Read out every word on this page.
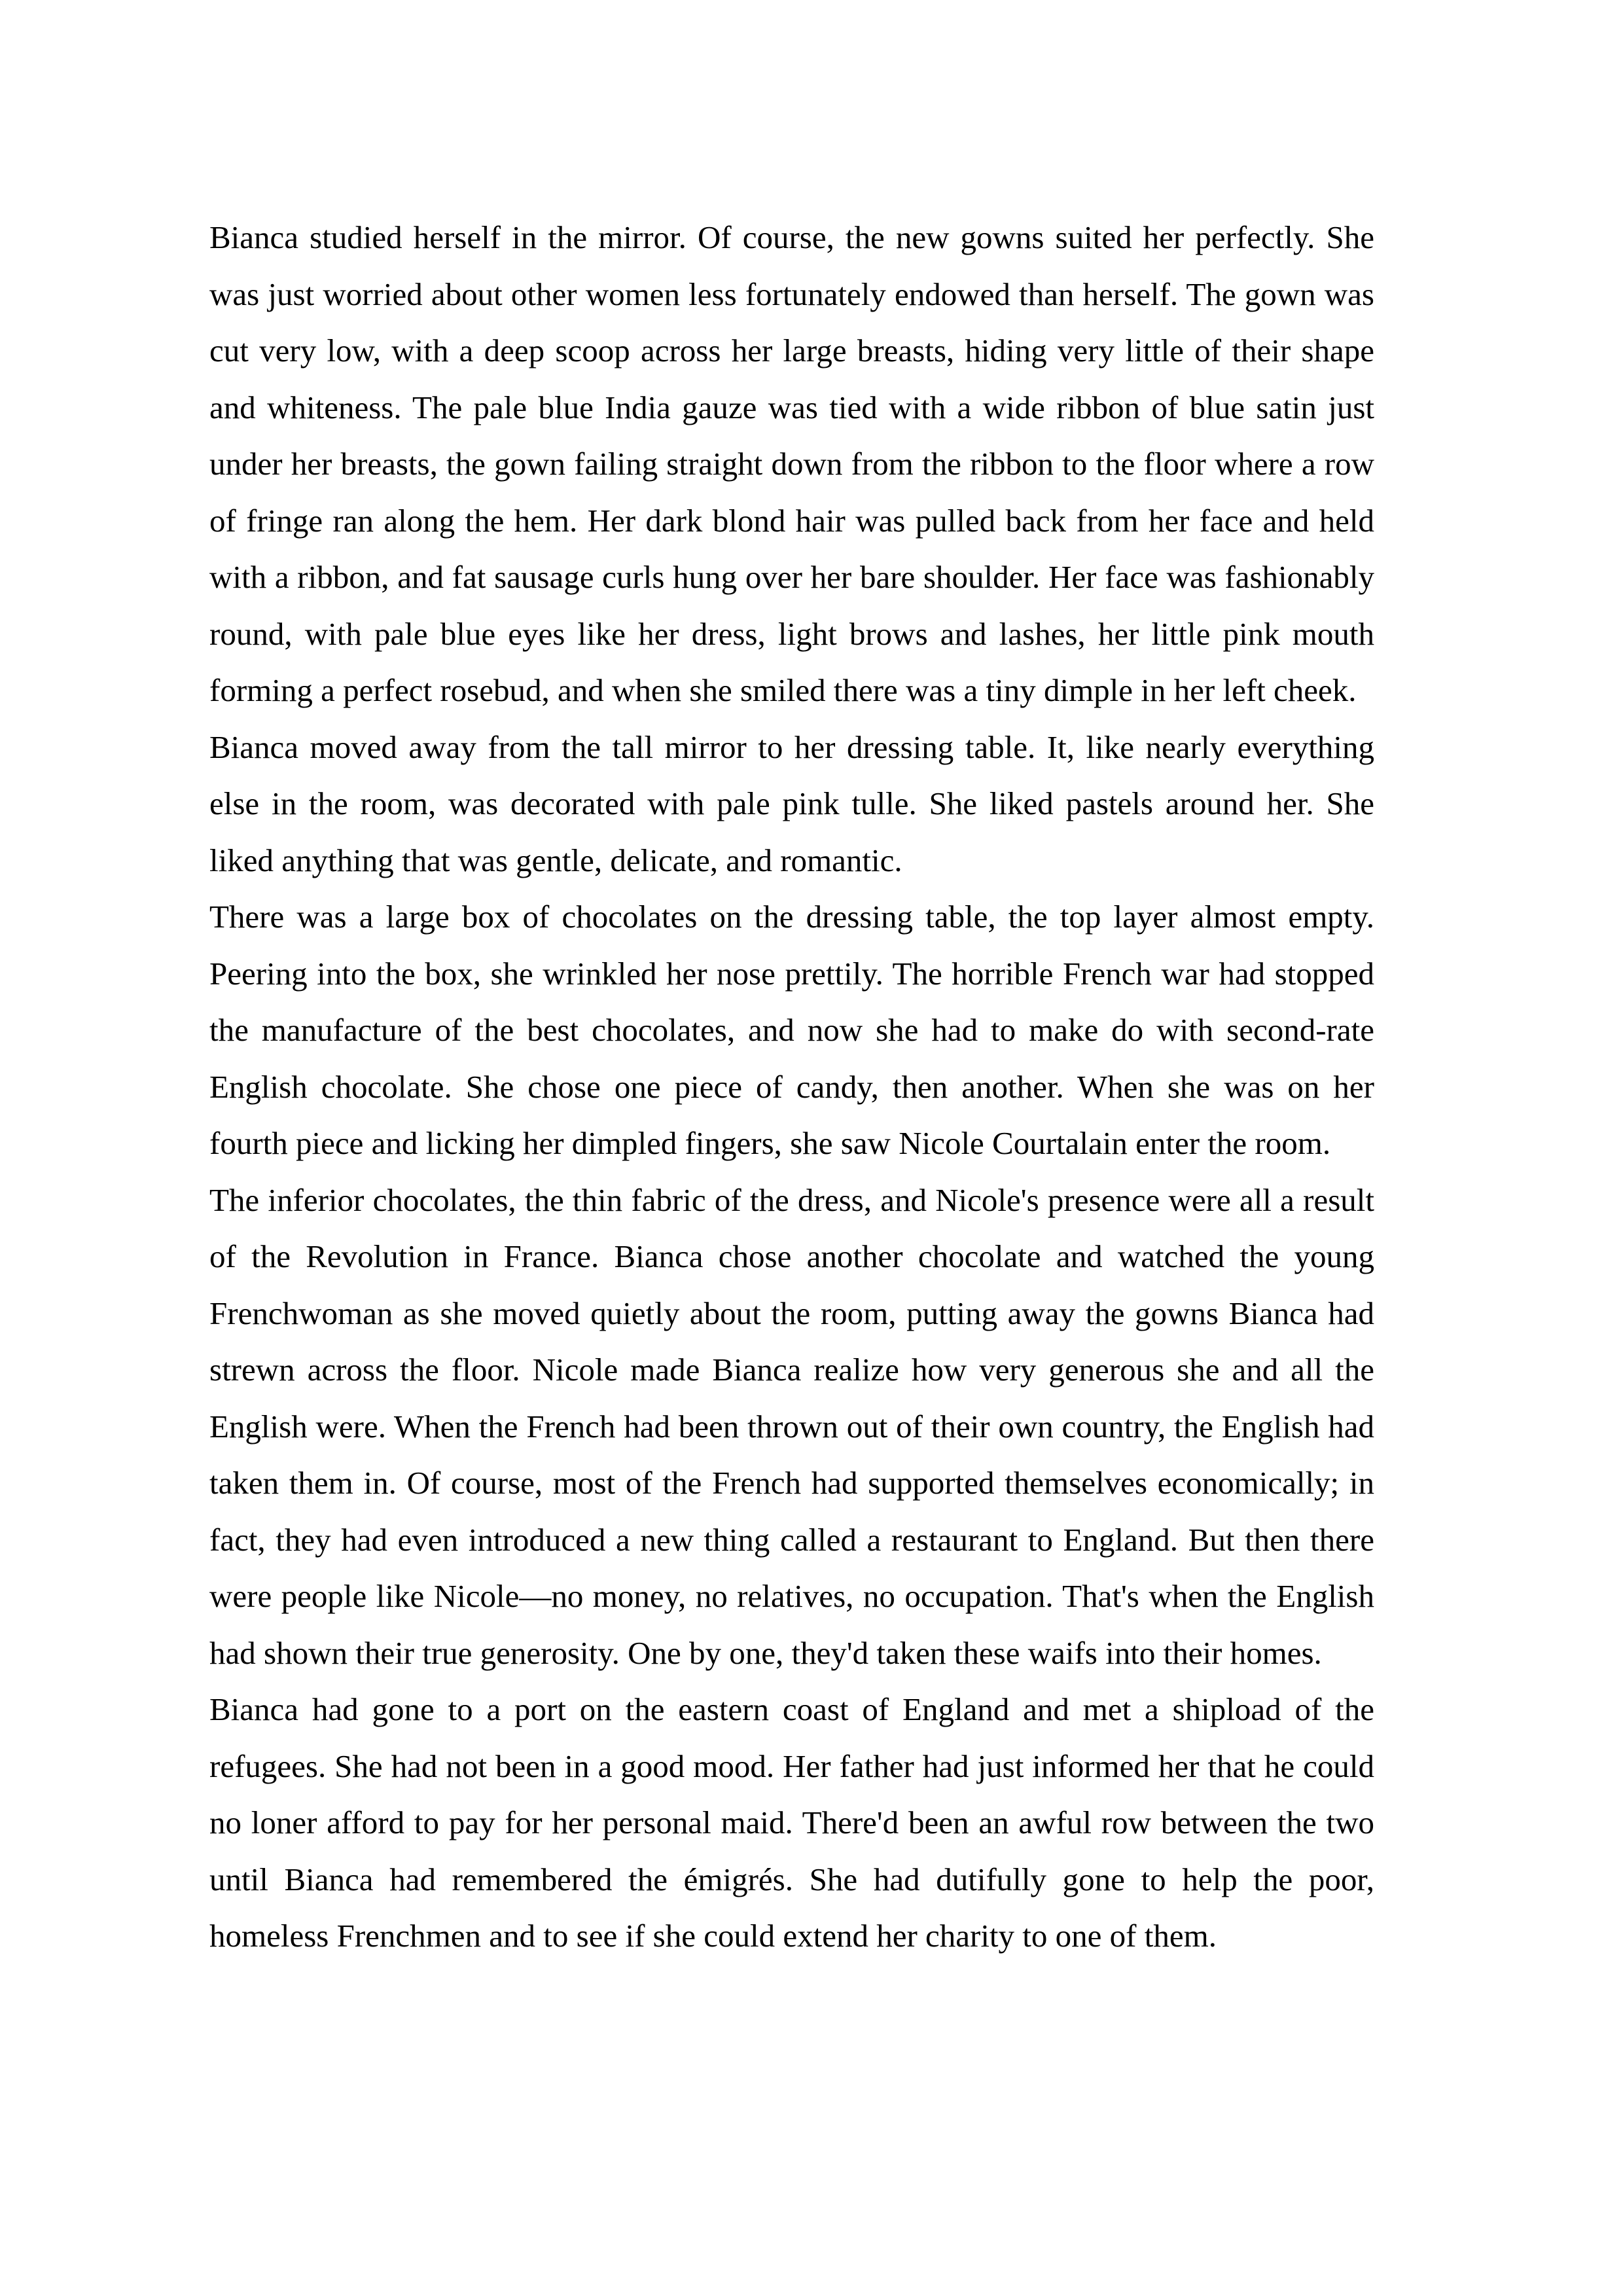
Bianca studied herself in the mirror. Of course, the new gowns suited her perfectly. She was just worried about other women less fortunately endowed than herself. The gown was cut very low, with a deep scoop across her large breasts, hiding very little of their shape and whiteness. The pale blue India gauze was tied with a wide ribbon of blue satin just under her breasts, the gown failing straight down from the ribbon to the floor where a row of fringe ran along the hem. Her dark blond hair was pulled back from her face and held with a ribbon, and fat sausage curls hung over her bare shoulder. Her face was fashionably round, with pale blue eyes like her dress, light brows and lashes, her little pink mouth forming a perfect rosebud, and when she smiled there was a tiny dimple in her left cheek.

Bianca moved away from the tall mirror to her dressing table. It, like nearly everything else in the room, was decorated with pale pink tulle. She liked pastels around her. She liked anything that was gentle, delicate, and romantic.

There was a large box of chocolates on the dressing table, the top layer almost empty. Peering into the box, she wrinkled her nose prettily. The horrible French war had stopped the manufacture of the best chocolates, and now she had to make do with second-rate English chocolate. She chose one piece of candy, then another. When she was on her fourth piece and licking her dimpled fingers, she saw Nicole Courtalain enter the room.

The inferior chocolates, the thin fabric of the dress, and Nicole's presence were all a result of the Revolution in France. Bianca chose another chocolate and watched the young Frenchwoman as she moved quietly about the room, putting away the gowns Bianca had strewn across the floor. Nicole made Bianca realize how very generous she and all the English were. When the French had been thrown out of their own country, the English had taken them in. Of course, most of the French had supported themselves economically; in fact, they had even introduced a new thing called a restaurant to England. But then there were people like Nicole—no money, no relatives, no occupation. That's when the English had shown their true generosity. One by one, they'd taken these waifs into their homes.

Bianca had gone to a port on the eastern coast of England and met a shipload of the refugees. She had not been in a good mood. Her father had just informed her that he could no loner afford to pay for her personal maid. There'd been an awful row between the two until Bianca had remembered the émigrés. She had dutifully gone to help the poor, homeless Frenchmen and to see if she could extend her charity to one of them.
